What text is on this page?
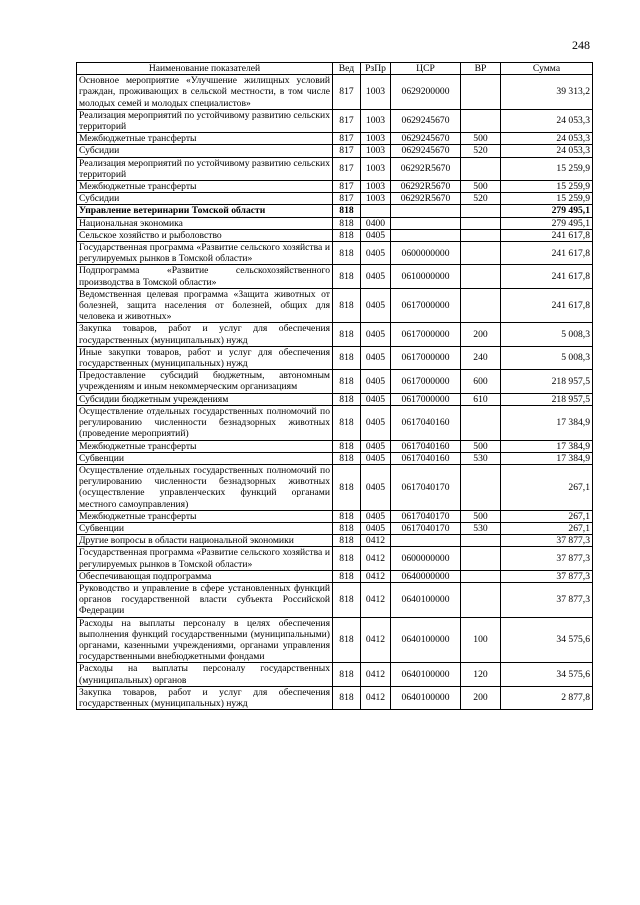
248
Наименование показателей	Вед	РзПр	ЦСР	ВР	Сумма
Основное мероприятие «Улучшение жилищных условий граждан, проживающих в сельской местности, в том числе молодых семей и молодых специалистов»	817	1003	0629200000		39 313,2
Реализация мероприятий по устойчивому развитию сельских территорий	817	1003	0629245670		24 053,3
Межбюджетные трансферты	817	1003	0629245670	500	24 053,3
Субсидии	817	1003	0629245670	520	24 053,3
Реализация мероприятий по устойчивому развитию сельских территорий	817	1003	06292R5670		15 259,9
Межбюджетные трансферты	817	1003	06292R5670	500	15 259,9
Субсидии	817	1003	06292R5670	520	15 259,9
Управление ветеринарии Томской области	818				279 495,1
Национальная экономика	818	0400			279 495,1
Сельское хозяйство и рыболовство	818	0405			241 617,8
Государственная программа «Развитие сельского хозяйства и регулируемых рынков в Томской области»	818	0405	0600000000		241 617,8
Подпрограмма «Развитие сельскохозяйственного производства в Томской области»	818	0405	0610000000		241 617,8
Ведомственная целевая программа «Защита животных от болезней, защита населения от болезней, общих для человека и животных»	818	0405	0617000000		241 617,8
Закупка товаров, работ и услуг для обеспечения государственных (муниципальных) нужд	818	0405	0617000000	200	5 008,3
Иные закупки товаров, работ и услуг для обеспечения государственных (муниципальных) нужд	818	0405	0617000000	240	5 008,3
Предоставление субсидий бюджетным, автономным учреждениям и иным некоммерческим организациям	818	0405	0617000000	600	218 957,5
Субсидии бюджетным учреждениям	818	0405	0617000000	610	218 957,5
Осуществление отдельных государственных полномочий по регулированию численности безнадзорных животных (проведение мероприятий)	818	0405	0617040160		17 384,9
Межбюджетные трансферты	818	0405	0617040160	500	17 384,9
Субвенции	818	0405	0617040160	530	17 384,9
Осуществление отдельных государственных полномочий по регулированию численности безнадзорных животных (осуществление управленческих функций органами местного самоуправления)	818	0405	0617040170		267,1
Межбюджетные трансферты	818	0405	0617040170	500	267,1
Субвенции	818	0405	0617040170	530	267,1
Другие вопросы в области национальной экономики	818	0412			37 877,3
Государственная программа «Развитие сельского хозяйства и регулируемых рынков в Томской области»	818	0412	0600000000		37 877,3
Обеспечивающая подпрограмма	818	0412	0640000000		37 877,3
Руководство и управление в сфере установленных функций органов государственной власти субъекта Российской Федерации	818	0412	0640100000		37 877,3
Расходы на выплаты персоналу в целях обеспечения выполнения функций государственными (муниципальными) органами, казенными учреждениями, органами управления государственными внебюджетными фондами	818	0412	0640100000	100	34 575,6
Расходы на выплаты персоналу государственных (муниципальных) органов	818	0412	0640100000	120	34 575,6
Закупка товаров, работ и услуг для обеспечения государственных (муниципальных) нужд	818	0412	0640100000	200	2 877,8
